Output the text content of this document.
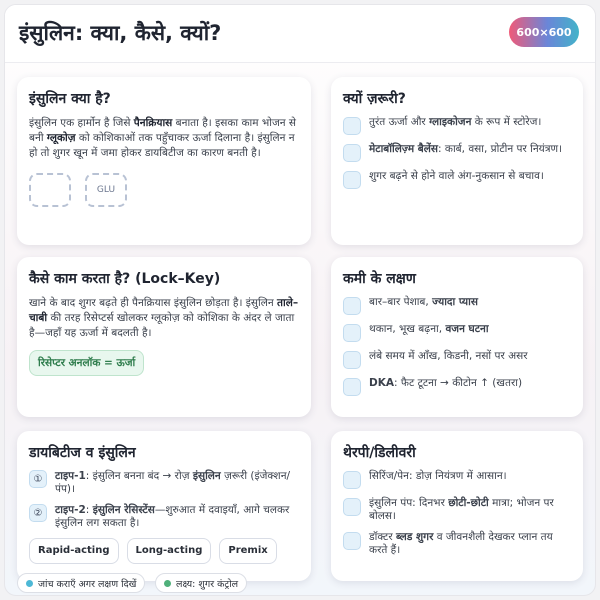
इंसुलिन: क्या, कैसे, क्यों?	600×600
इंसुलिन क्या है?

इंसुलिन एक हार्मोन है जिसे पैनक्रियास बनाता है। इसका काम भोजन से बनी ग्लूकोज़ को कोशिकाओं तक पहुँचाकर ऊर्जा दिलाना है। इंसुलिन न हो तो शुगर खून में जमा होकर डायबिटीज का कारण बनती है।

GLU
क्यों ज़रूरी?
तुरंत ऊर्जा और ग्लाइकोजन के रूप में स्टोरेज।
मेटाबॉलिज़्म बैलेंस: कार्ब, वसा, प्रोटीन पर नियंत्रण।
शुगर बढ़ने से होने वाले अंग-नुकसान से बचाव।
कैसे काम करता है? (Lock–Key)

खाने के बाद शुगर बढ़ते ही पैनक्रियास इंसुलिन छोड़ता है। इंसुलिन ताले–चाबी की तरह रिसेप्टर्स खोलकर ग्लूकोज़ को कोशिका के अंदर ले जाता है—जहाँ यह ऊर्जा में बदलती है।

रिसेप्टर अनलॉक = ऊर्जा
कमी के लक्षण
बार–बार पेशाब, ज्यादा प्यास
थकान, भूख बढ़ना, वजन घटना
लंबे समय में आँख, किडनी, नसों पर असर
DKA: फैट टूटना → कीटोन ↑ (खतरा)
डायबिटीज व इंसुलिन
①	टाइप-1: इंसुलिन बनना बंद → रोज़ इंसुलिन ज़रूरी (इंजेक्शन/पंप)।
②	टाइप-2: इंसुलिन रेसिस्टेंस—शुरुआत में दवाइयाँ, आगे चलकर इंसुलिन लग सकता है।
Rapid-acting	Long-acting	Premix
थेरपी/डिलीवरी
सिरिंज/पेन: डोज़ नियंत्रण में आसान।
इंसुलिन पंप: दिनभर छोटी-छोटी मात्रा; भोजन पर बोलस।
डॉक्टर ब्लड शुगर व जीवनशैली देखकर प्लान तय करते हैं।
जांच कराएँ अगर लक्षण दिखें	लक्ष्य: शुगर कंट्रोल
